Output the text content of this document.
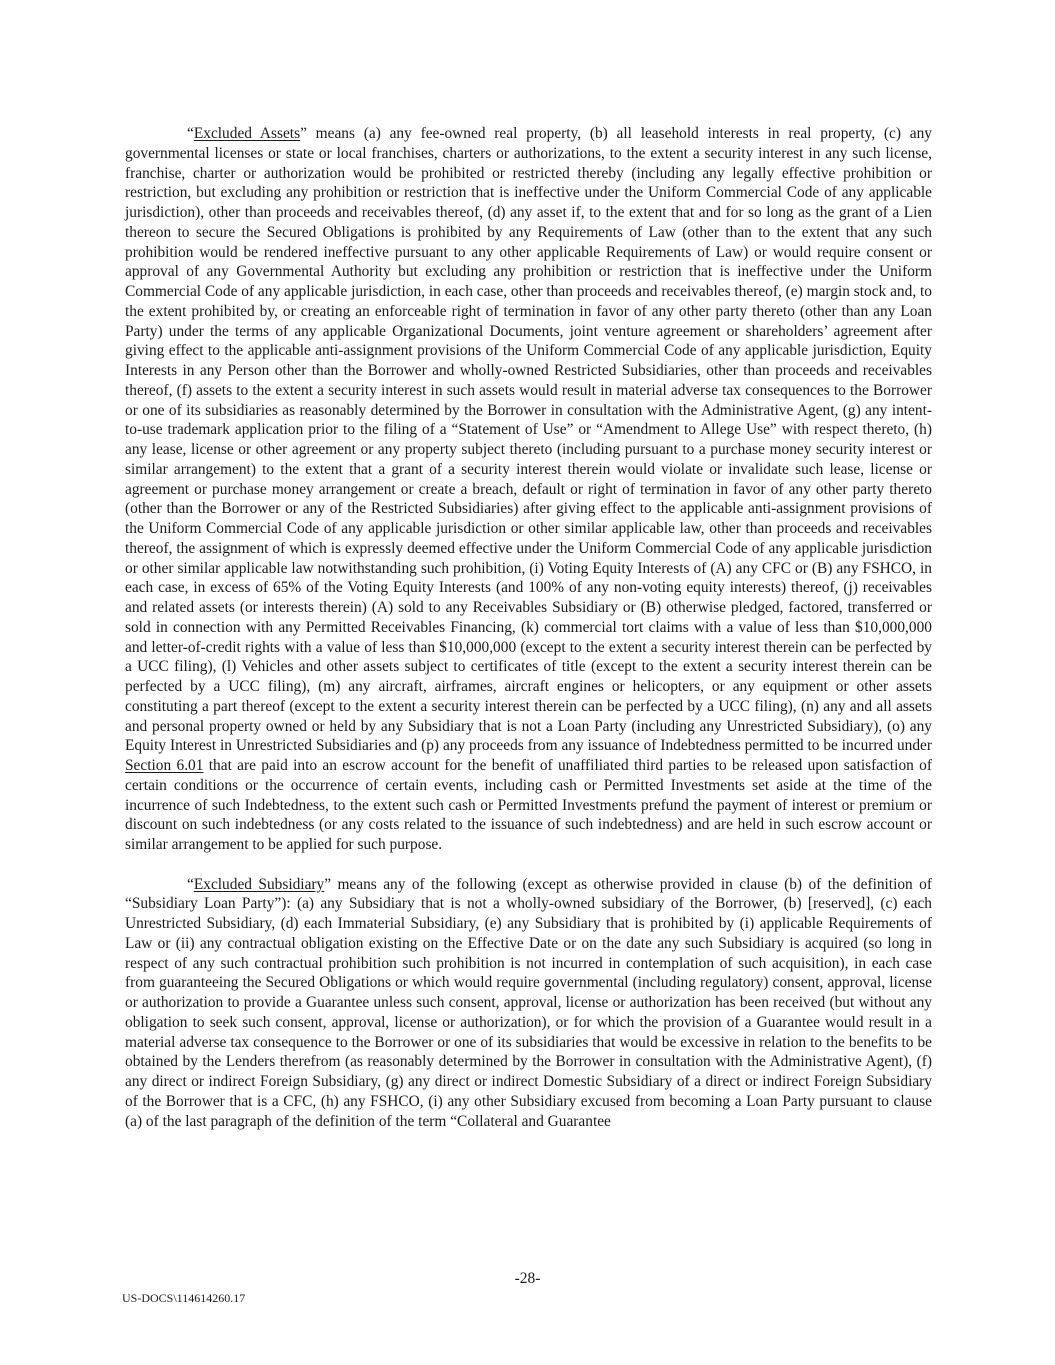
“Excluded Assets” means (a) any fee-owned real property, (b) all leasehold interests in real property, (c) any governmental licenses or state or local franchises, charters or authorizations, to the extent a security interest in any such license, franchise, charter or authorization would be prohibited or restricted thereby (including any legally effective prohibition or restriction, but excluding any prohibition or restriction that is ineffective under the Uniform Commercial Code of any applicable jurisdiction), other than proceeds and receivables thereof, (d) any asset if, to the extent that and for so long as the grant of a Lien thereon to secure the Secured Obligations is prohibited by any Requirements of Law (other than to the extent that any such prohibition would be rendered ineffective pursuant to any other applicable Requirements of Law) or would require consent or approval of any Governmental Authority but excluding any prohibition or restriction that is ineffective under the Uniform Commercial Code of any applicable jurisdiction, in each case, other than proceeds and receivables thereof, (e) margin stock and, to the extent prohibited by, or creating an enforceable right of termination in favor of any other party thereto (other than any Loan Party) under the terms of any applicable Organizational Documents, joint venture agreement or shareholders’ agreement after giving effect to the applicable anti-assignment provisions of the Uniform Commercial Code of any applicable jurisdiction, Equity Interests in any Person other than the Borrower and wholly-owned Restricted Subsidiaries, other than proceeds and receivables thereof, (f) assets to the extent a security interest in such assets would result in material adverse tax consequences to the Borrower or one of its subsidiaries as reasonably determined by the Borrower in consultation with the Administrative Agent, (g) any intent-to-use trademark application prior to the filing of a “Statement of Use” or “Amendment to Allege Use” with respect thereto, (h) any lease, license or other agreement or any property subject thereto (including pursuant to a purchase money security interest or similar arrangement) to the extent that a grant of a security interest therein would violate or invalidate such lease, license or agreement or purchase money arrangement or create a breach, default or right of termination in favor of any other party thereto (other than the Borrower or any of the Restricted Subsidiaries) after giving effect to the applicable anti-assignment provisions of the Uniform Commercial Code of any applicable jurisdiction or other similar applicable law, other than proceeds and receivables thereof, the assignment of which is expressly deemed effective under the Uniform Commercial Code of any applicable jurisdiction or other similar applicable law notwithstanding such prohibition, (i) Voting Equity Interests of (A) any CFC or (B) any FSHCO, in each case, in excess of 65% of the Voting Equity Interests (and 100% of any non-voting equity interests) thereof, (j) receivables and related assets (or interests therein) (A) sold to any Receivables Subsidiary or (B) otherwise pledged, factored, transferred or sold in connection with any Permitted Receivables Financing, (k) commercial tort claims with a value of less than $10,000,000 and letter-of-credit rights with a value of less than $10,000,000 (except to the extent a security interest therein can be perfected by a UCC filing), (l) Vehicles and other assets subject to certificates of title (except to the extent a security interest therein can be perfected by a UCC filing), (m) any aircraft, airframes, aircraft engines or helicopters, or any equipment or other assets constituting a part thereof (except to the extent a security interest therein can be perfected by a UCC filing), (n) any and all assets and personal property owned or held by any Subsidiary that is not a Loan Party (including any Unrestricted Subsidiary), (o) any Equity Interest in Unrestricted Subsidiaries and (p) any proceeds from any issuance of Indebtedness permitted to be incurred under Section 6.01 that are paid into an escrow account for the benefit of unaffiliated third parties to be released upon satisfaction of certain conditions or the occurrence of certain events, including cash or Permitted Investments set aside at the time of the incurrence of such Indebtedness, to the extent such cash or Permitted Investments prefund the payment of interest or premium or discount on such indebtedness (or any costs related to the issuance of such indebtedness) and are held in such escrow account or similar arrangement to be applied for such purpose.

“Excluded Subsidiary” means any of the following (except as otherwise provided in clause (b) of the definition of “Subsidiary Loan Party”): (a) any Subsidiary that is not a wholly-owned subsidiary of the Borrower, (b) [reserved], (c) each Unrestricted Subsidiary, (d) each Immaterial Subsidiary, (e) any Subsidiary that is prohibited by (i) applicable Requirements of Law or (ii) any contractual obligation existing on the Effective Date or on the date any such Subsidiary is acquired (so long in respect of any such contractual prohibition such prohibition is not incurred in contemplation of such acquisition), in each case from guaranteeing the Secured Obligations or which would require governmental (including regulatory) consent, approval, license or authorization to provide a Guarantee unless such consent, approval, license or authorization has been received (but without any obligation to seek such consent, approval, license or authorization), or for which the provision of a Guarantee would result in a material adverse tax consequence to the Borrower or one of its subsidiaries that would be excessive in relation to the benefits to be obtained by the Lenders therefrom (as reasonably determined by the Borrower in consultation with the Administrative Agent), (f) any direct or indirect Foreign Subsidiary, (g) any direct or indirect Domestic Subsidiary of a direct or indirect Foreign Subsidiary of the Borrower that is a CFC, (h) any FSHCO, (i) any other Subsidiary excused from becoming a Loan Party pursuant to clause (a) of the last paragraph of the definition of the term “Collateral and Guarantee

-28-
US-DOCS\114614260.17
